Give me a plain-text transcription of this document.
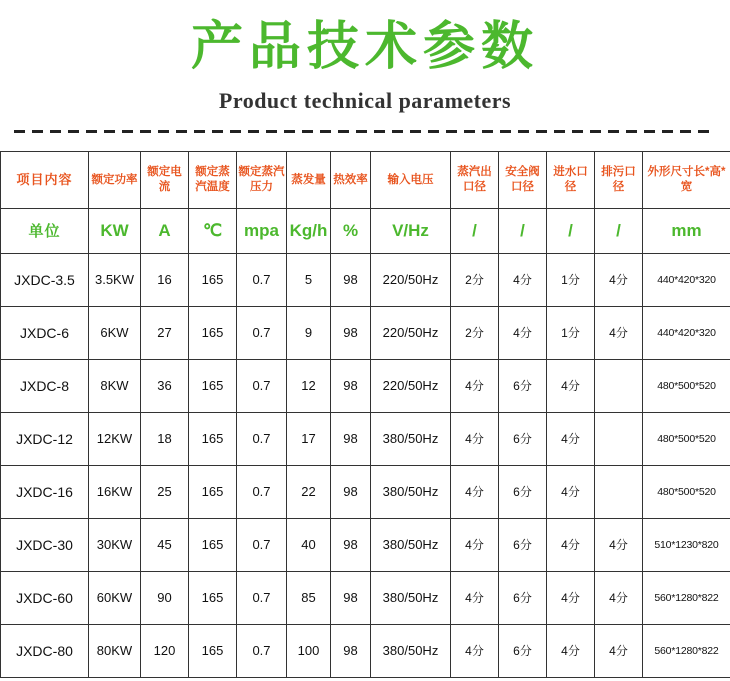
产品技术参数
Product technical parameters
项目内容	额定功率	额定电流	额定蒸汽温度	额定蒸汽压力	蒸发量	热效率	输入电压	蒸汽出口径	安全阀口径	进水口径	排污口径	外形尺寸长*高*宽
单位	KW	A	℃	mpa	Kg/h	%	V/Hz	/	/	/	/	mm
JXDC-3.5	3.5KW	16	165	0.7	5	98	220/50Hz	2分	4分	1分	4分	440*420*320
JXDC-6	6KW	27	165	0.7	9	98	220/50Hz	2分	4分	1分	4分	440*420*320
JXDC-8	8KW	36	165	0.7	12	98	220/50Hz	4分	6分	4分		480*500*520
JXDC-12	12KW	18	165	0.7	17	98	380/50Hz	4分	6分	4分		480*500*520
JXDC-16	16KW	25	165	0.7	22	98	380/50Hz	4分	6分	4分		480*500*520
JXDC-30	30KW	45	165	0.7	40	98	380/50Hz	4分	6分	4分	4分	510*1230*820
JXDC-60	60KW	90	165	0.7	85	98	380/50Hz	4分	6分	4分	4分	560*1280*822
JXDC-80	80KW	120	165	0.7	100	98	380/50Hz	4分	6分	4分	4分	560*1280*822
